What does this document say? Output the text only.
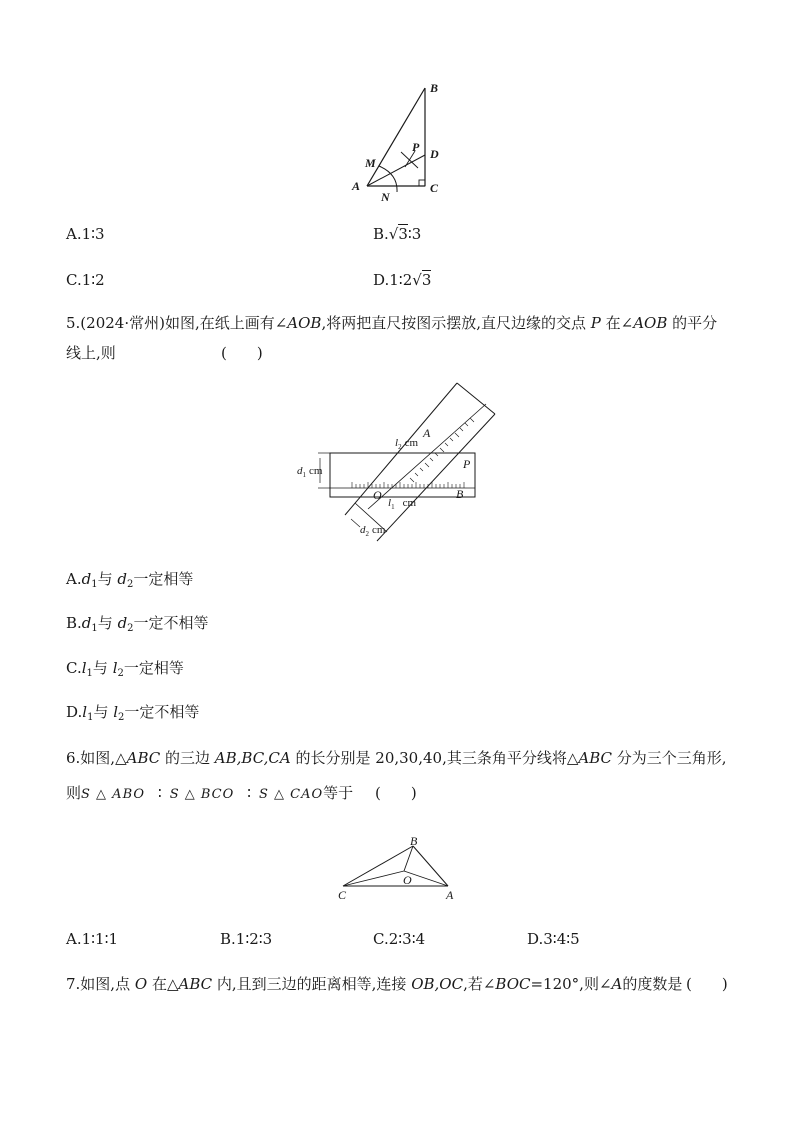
A
B
C
D
M
N
P
A.1∶3	B.√3∶3
C.1∶2	D.1∶2√3
5.(2024·常州)如图,在纸上画有∠AOB,将两把直尺按图示摆放,直尺边缘的交点 P 在∠AOB 的平分
线上,则	(　　)
A
B
O
P
$l_2$ cm
$l_1$ cm
$d_1$ cm
$d_2$ cm
$A.d_1$与 $d_2$一定相等
$B.d_1$与 $d_2$一定不相等
$C.l_1$与 $l_2$一定相等
$D.l_1$与 $l_2$一定不相等
6.如图,△ABC 的三边 AB,BC,CA 的长分别是 20,30,40,其三条角平分线将△ABC 分为三个三角形,
则S △ ABO ∶ S △ BCO ∶ S △ CAO等于 (　　)
B
C	A
O
A.1∶1∶1	B.1∶2∶3	C.2∶3∶4	D.3∶4∶5
7.如图,点 O 在△ABC 内,且到三边的距离相等,连接 OB,OC,若∠BOC=120°,则∠A的度数是 (　　)
